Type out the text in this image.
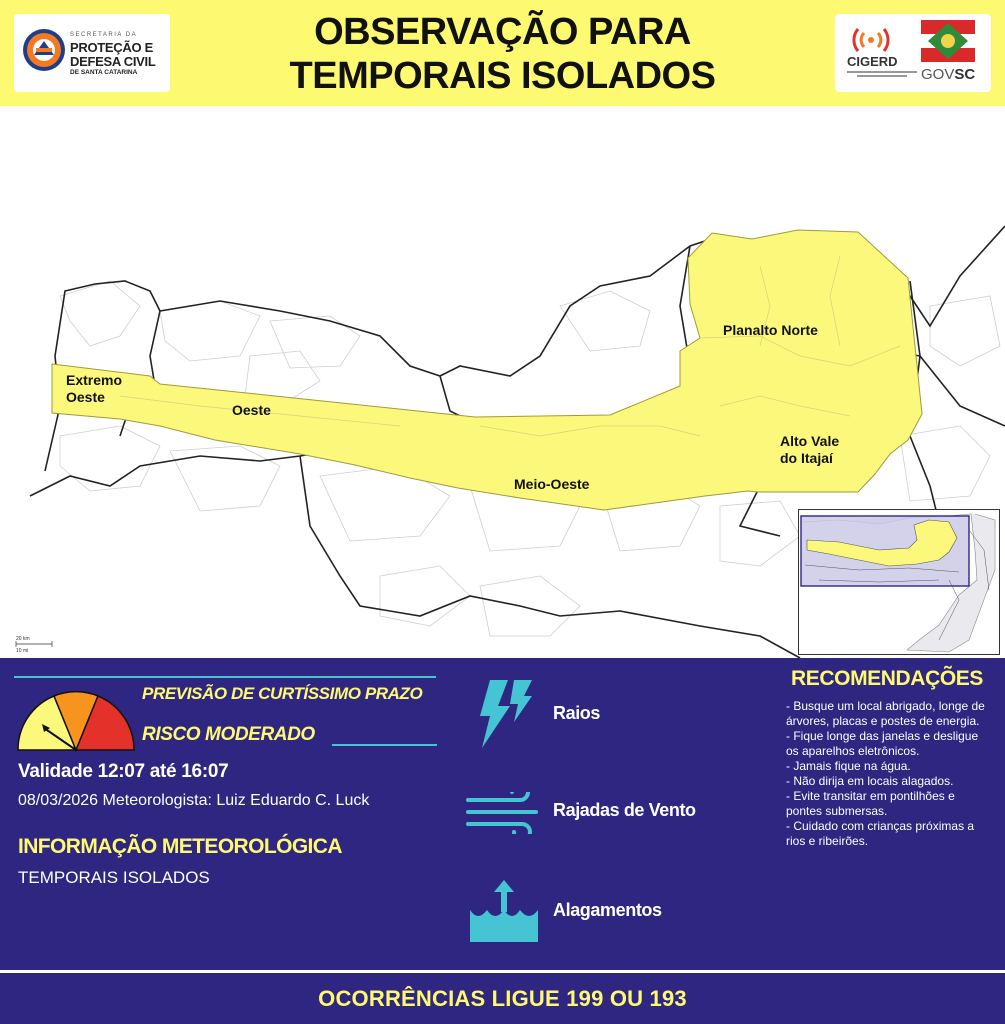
SECRETARIA DA
PROTEÇÃO E
DEFESA CIVIL
DE SANTA CATARINA
OBSERVAÇÃO PARA
TEMPORAIS ISOLADOS	CIGERD
GOVSC
Extremo
Oeste
Oeste
Meio-Oeste
Planalto Norte
Alto Vale
do Itajaí
20 km
10 mi
PREVISÃO DE CURTÍSSIMO PRAZO
RISCO MODERADO
Validade 12:07 até 16:07
08/03/2026 Meteorologista: Luiz Eduardo C. Luck
INFORMAÇÃO METEOROLÓGICA
TEMPORAIS ISOLADOS
Raios
Rajadas de Vento
Alagamentos
RECOMENDAÇÕES
- Busque um local abrigado, longe de árvores, placas e postes de energia.
- Fique longe das janelas e desligue os aparelhos eletrônicos.
- Jamais fique na água.
- Não dirija em locais alagados.
- Evite transitar em pontilhões e pontes submersas.
- Cuidado com crianças próximas a rios e ribeirões.
OCORRÊNCIAS LIGUE 199 OU 193
